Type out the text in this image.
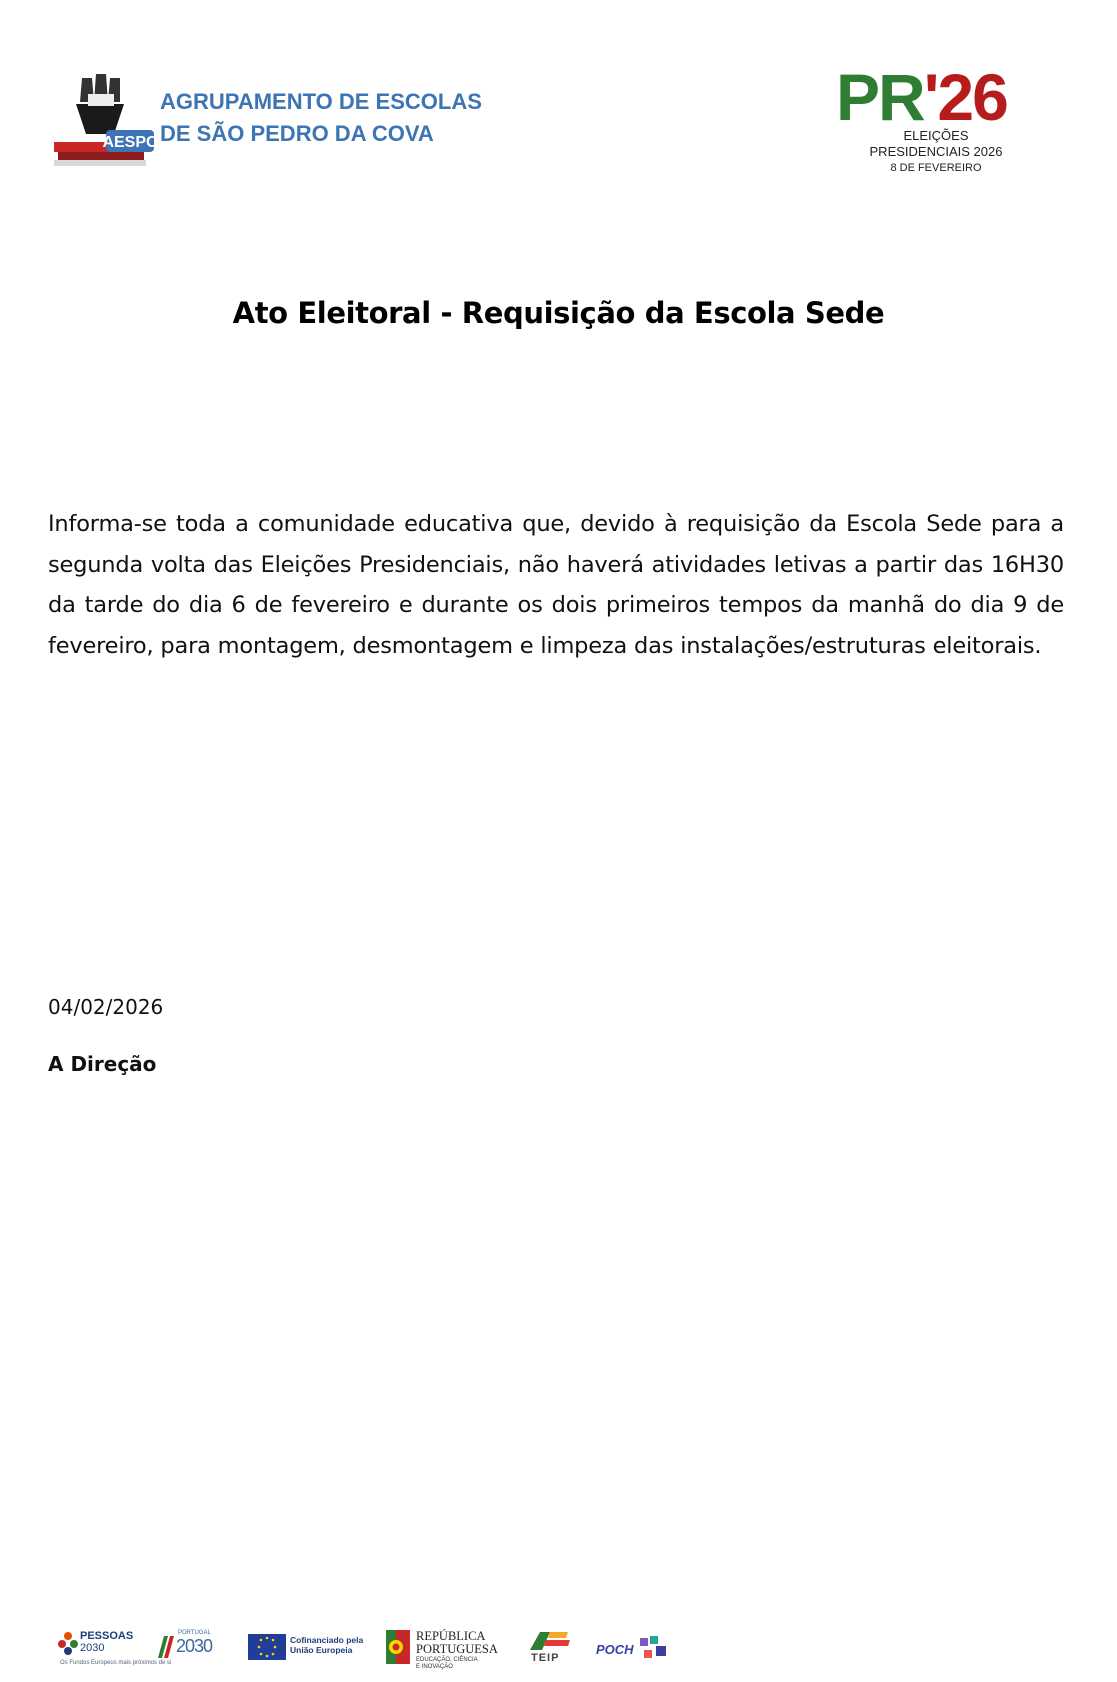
AESPC
AGRUPAMENTO DE ESCOLAS
DE SÃO PEDRO DA COVA	PR'26
ELEIÇÕES
PRESIDENCIAIS 2026
8 DE FEVEREIRO
Ato Eleitoral - Requisição da Escola Sede

Informa-se toda a comunidade educativa que, devido à requisição da Escola Sede para a segunda volta das Eleições Presidenciais, não haverá atividades letivas a partir das 16H30 da tarde do dia 6 de fevereiro e durante os dois primeiros tempos da manhã do dia 9 de fevereiro, para montagem, desmontagem e limpeza das instalações/estruturas eleitorais.

04/02/2026

A Direção

PESSOAS
2030
Os Fundos Europeus mais próximos de si
PORTUGAL
2030	Cofinanciado pela
União Europeia
REPÚBLICA
PORTUGUESA
EDUCAÇÃO, CIÊNCIA
E INOVAÇÃO
TEIP
POCH
